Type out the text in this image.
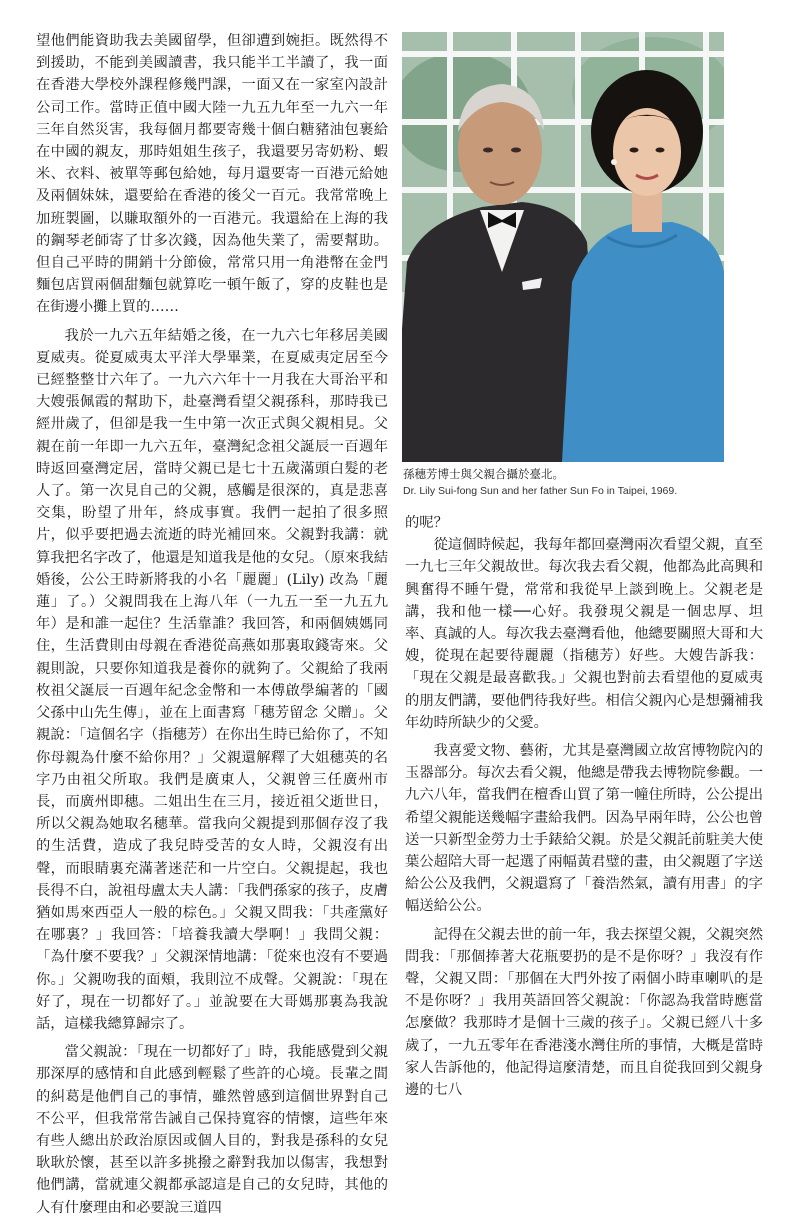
望他們能資助我去美國留學，但卻遭到婉拒。既然得不到援助，不能到美國讀書，我只能半工半讀了，我一面在香港大學校外課程修幾門課，一面又在一家室內設計公司工作。當時正值中國大陸一九五九年至一九六一年三年自然災害，我每個月都要寄幾十個白糖豬油包裹給在中國的親友，那時姐姐生孩子，我還要另寄奶粉、蝦米、衣料、被單等郵包給她，每月還要寄一百港元給她及兩個妹妹，還要給在香港的後父一百元。我常常晚上加班製圖，以賺取額外的一百港元。我還給在上海的我的鋼琴老師寄了廿多次錢，因為他失業了，需要幫助。但自己平時的開銷十分節儉，常常只用一角港幣在金門麵包店買兩個甜麵包就算吃一頓午飯了，穿的皮鞋也是在街邊小攤上買的……

我於一九六五年結婚之後，在一九六七年移居美國夏威夷。從夏威夷太平洋大學畢業，在夏威夷定居至今已經整整廿六年了。一九六六年十一月我在大哥治平和大嫂張佩霞的幫助下，赴臺灣看望父親孫科，那時我已經卅歲了，但卻是我一生中第一次正式與父親相見。父親在前一年即一九六五年，臺灣紀念祖父誕辰一百週年時返回臺灣定居，當時父親已是七十五歲滿頭白髮的老人了。第一次見自己的父親，感觸是很深的，真是悲喜交集，盼望了卅年，終成事實。我們一起拍了很多照片，似乎要把過去流逝的時光補回來。父親對我講：就算我把名字改了，他還是知道我是他的女兒。（原來我結婚後，公公王時新將我的小名「麗麗」(Lily) 改為「麗蓮」了。）父親問我在上海八年（一九五一至一九五九年）是和誰一起住？生活靠誰？我回答，和兩個姨媽同住，生活費則由母親在香港從高燕如那裏取錢寄來。父親則說，只要你知道我是養你的就夠了。父親給了我兩枚祖父誕辰一百週年紀念金幣和一本傅啟學編著的「國父孫中山先生傳」，並在上面書寫「穗芳留念 父贈」。父親說：「這個名字（指穗芳）在你出生時已給你了，不知你母親為什麼不給你用？」父親還解釋了大姐穗英的名字乃由祖父所取。我們是廣東人，父親曾三任廣州市長，而廣州即穗。二姐出生在三月，接近祖父逝世日，所以父親為她取名穗華。當我向父親提到那個存沒了我的生活費，造成了我兒時受苦的女人時，父親沒有出聲，而眼睛裏充滿著迷茫和一片空白。父親提起，我也長得不白，說祖母盧太夫人講：「我們孫家的孩子，皮膚猶如馬來西亞人一般的棕色。」父親又問我：「共產黨好在哪裏？」我回答：「培養我讀大學啊！」我問父親：「為什麼不要我？」父親深情地講：「從來也沒有不要過你。」父親吻我的面頰，我則泣不成聲。父親說：「現在好了，現在一切都好了。」並說要在大哥媽那裏為我說話，這樣我總算歸宗了。

當父親說：「現在一切都好了」時，我能感覺到父親那深厚的感情和自此感到輕鬆了些許的心境。長輩之間的糾葛是他們自己的事情，雖然曾感到這個世界對自己不公平，但我常常告誡自己保持寬容的情懷，這些年來有些人總出於政治原因或個人目的，對我是孫科的女兒耿耿於懷，甚至以許多挑撥之辭對我加以傷害，我想對他們講，當就連父親都承認這是自己的女兒時，其他的人有什麼理由和必要說三道四

孫穗芳博士與父親合攝於臺北。
Dr. Lily Sui-fong Sun and her father Sun Fo in Taipei, 1969.

的呢？

從這個時候起，我每年都回臺灣兩次看望父親，直至一九七三年父親故世。每次我去看父親，他都為此高興和興奮得不睡午覺，常常和我從早上談到晚上。父親老是講，我和他一樣──心好。我發現父親是一個忠厚、坦率、真誠的人。每次我去臺灣看他，他總要關照大哥和大嫂，從現在起要待麗麗（指穗芳）好些。大嫂告訴我：「現在父親是最喜歡我。」父親也對前去看望他的夏威夷的朋友們講，要他們待我好些。相信父親內心是想彌補我年幼時所缺少的父愛。

我喜愛文物、藝術，尤其是臺灣國立故宮博物院內的玉器部分。每次去看父親，他總是帶我去博物院參觀。一九六八年，當我們在檀香山買了第一幢住所時，公公提出希望父親能送幾幅字畫給我們。因為早兩年時，公公也曾送一只新型金勞力士手錶給父親。於是父親託前駐美大使葉公超陪大哥一起選了兩幅黃君璧的畫，由父親題了字送給公公及我們，父親還寫了「養浩然氣，讀有用書」的字幅送給公公。

記得在父親去世的前一年，我去探望父親，父親突然問我：「那個捧著大花瓶要扔的是不是你呀？」我沒有作聲，父親又問：「那個在大門外按了兩個小時車喇叭的是不是你呀？」我用英語回答父親說：「你認為我當時應當怎麼做？我那時才是個十三歲的孩子」。父親已經八十多歲了，一九五零年在香港淺水灣住所的事情，大概是當時家人告訴他的，他記得這麼清楚，而且自從我回到父親身邊的七八
